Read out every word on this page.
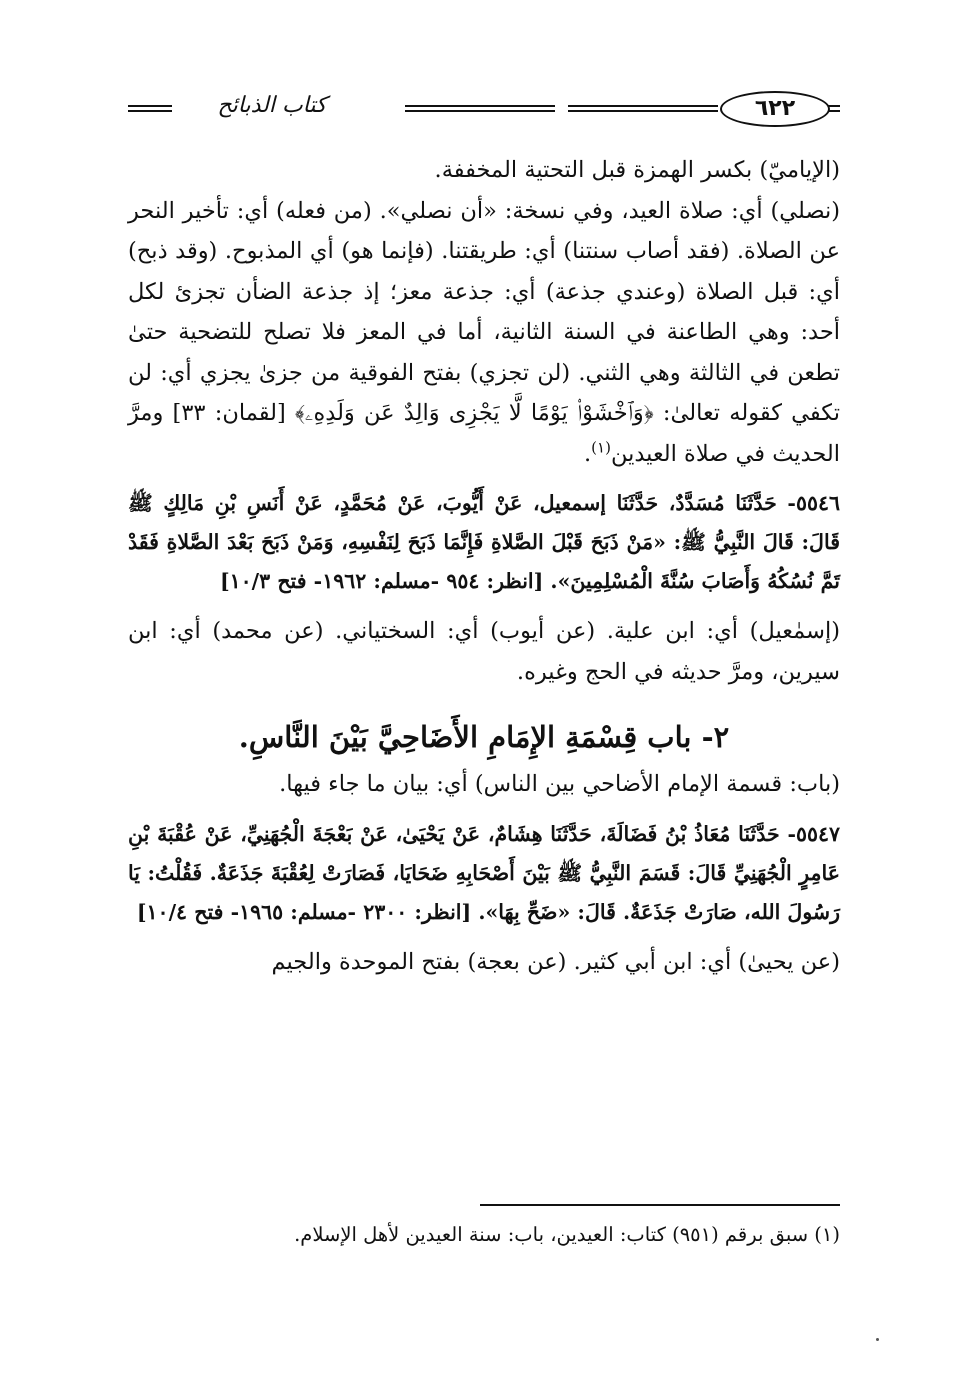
٦٢٢
كتاب الذبائح

(الإياميّ) بكسر الهمزة قبل التحتية المخففة.

(نصلي) أي: صلاة العيد، وفي نسخة: «أن نصلي». (من فعله) أي: تأخير النحر عن الصلاة. (فقد أصاب سنتنا) أي: طريقتنا. (فإنما هو) أي المذبوح. (وقد ذبح) أي: قبل الصلاة (وعندي جذعة) أي: جذعة معز؛ إذ جذعة الضأن تجزئ لكل أحد: وهي الطاعنة في السنة الثانية، أما في المعز فلا تصلح للتضحية حتىٰ تطعن في الثالثة وهي الثني. (لن تجزي) بفتح الفوقية من جزىٰ يجزي أي: لن تكفي كقوله تعالىٰ: ﴿وَٱخْشَوْا۟ يَوْمًا لَّا يَجْزِى وَالِدٌ عَن وَلَدِهِۦ﴾ [لقمان: ٣٣] ومرَّ الحديث في صلاة العيدين$^{(١)}$.

٥٥٤٦- حَدَّثَنَا مُسَدَّدٌ، حَدَّثَنَا إسمعيل، عَنْ أَيُّوبَ، عَنْ مُحَمَّدٍ، عَنْ أَنَسِ بْنِ مَالِكٍ ﷺ قَالَ: قَالَ النَّبِيُّ ﷺ: «مَنْ ذَبَحَ قَبْلَ الصَّلاةِ فَإِنَّمَا ذَبَحَ لِنَفْسِهِ، وَمَنْ ذَبَحَ بَعْدَ الصَّلاةِ فَقَدْ تَمَّ نُسُكُهُ وَأَصَابَ سُنَّةَ الْمُسْلِمِينَ». [انظر: ٩٥٤ -مسلم: ١٩٦٢- فتح ١٠/٣]

(إسمٰعيل) أي: ابن علية. (عن أيوب) أي: السختياني. (عن محمد) أي: ابن سيرين، ومرَّ حديثه في الحج وغيره.

٢- باب قِسْمَةِ الإِمَامِ الأَضَاحِيَّ بَيْنَ النَّاسِ.

(باب: قسمة الإمام الأضاحي بين الناس) أي: بيان ما جاء فيها.

٥٥٤٧- حَدَّثَنَا مُعَاذُ بْنُ فَضَالَةَ، حَدَّثَنَا هِشَامٌ، عَنْ يَحْيَىٰ، عَنْ بَعْجَةَ الْجُهَنِيِّ، عَنْ عُقْبَةَ بْنِ عَامِرٍ الْجُهَنِيِّ قَالَ: قَسَمَ النَّبِيُّ ﷺ بَيْنَ أَصْحَابِهِ ضَحَايَا، فَصَارَتْ لِعُقْبَةَ جَذَعَةٌ. فَقُلْتُ: يَا رَسُولَ الله، صَارَتْ جَذَعَةٌ. قَالَ: «ضَحِّ بِهَا». [انظر: ٢٣٠٠ -مسلم: ١٩٦٥- فتح ١٠/٤]

(عن يحيىٰ) أي: ابن أبي كثير. (عن بعجة) بفتح الموحدة والجيم

(١) سبق برقم (٩٥١) كتاب: العيدين، باب: سنة العيدين لأهل الإسلام.
